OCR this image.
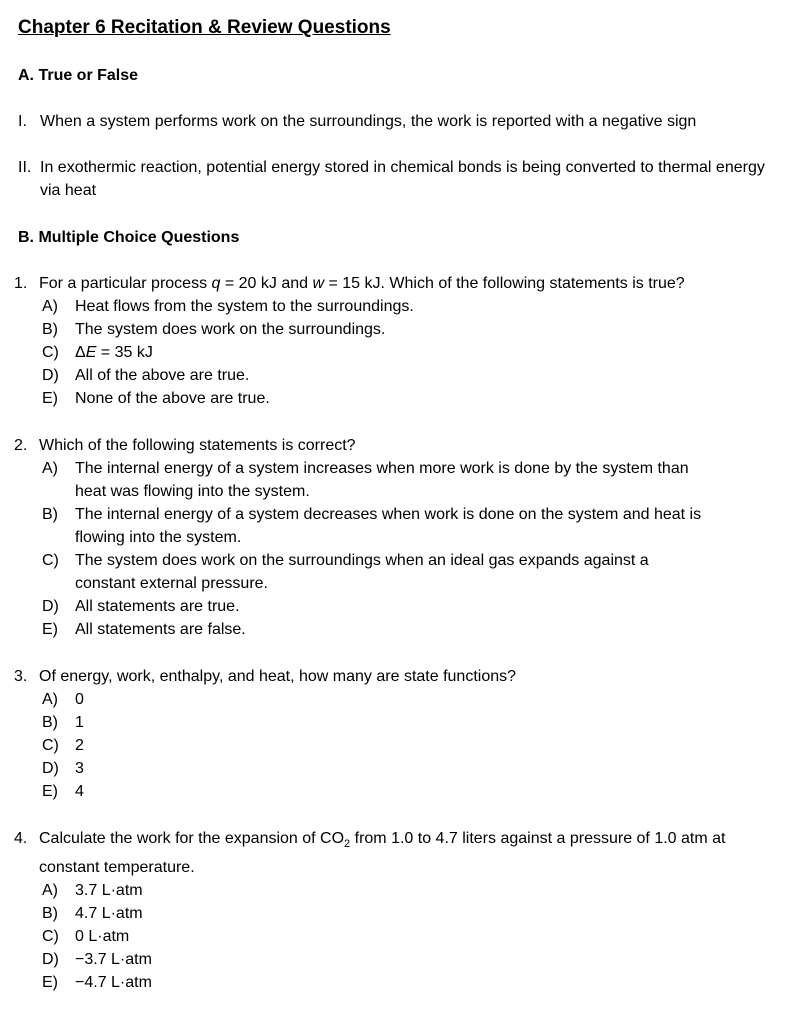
Chapter 6 Recitation & Review Questions
A. True or False
I. When a system performs work on the surroundings, the work is reported with a negative sign
II. In exothermic reaction, potential energy stored in chemical bonds is being converted to thermal energy via heat
B. Multiple Choice Questions
1. For a particular process q = 20 kJ and w = 15 kJ. Which of the following statements is true?
A)	Heat flows from the system to the surroundings.
B)	The system does work on the surroundings.
C)	ΔE = 35 kJ
D)	All of the above are true.
E)	None of the above are true.
2. Which of the following statements is correct?
A)	The internal energy of a system increases when more work is done by the system than heat was flowing into the system.
B)	The internal energy of a system decreases when work is done on the system and heat is flowing into the system.
C)	The system does work on the surroundings when an ideal gas expands against a constant external pressure.
D)	All statements are true.
E)	All statements are false.
3. Of energy, work, enthalpy, and heat, how many are state functions?
A)	0
B)	1
C)	2
D)	3
E)	4
4. Calculate the work for the expansion of $CO_2$ from 1.0 to 4.7 liters against a pressure of 1.0 atm at constant temperature.
A)	3.7 L·atm
B)	4.7 L·atm
C)	0 L·atm
D)	−3.7 L·atm
E)	−4.7 L·atm
